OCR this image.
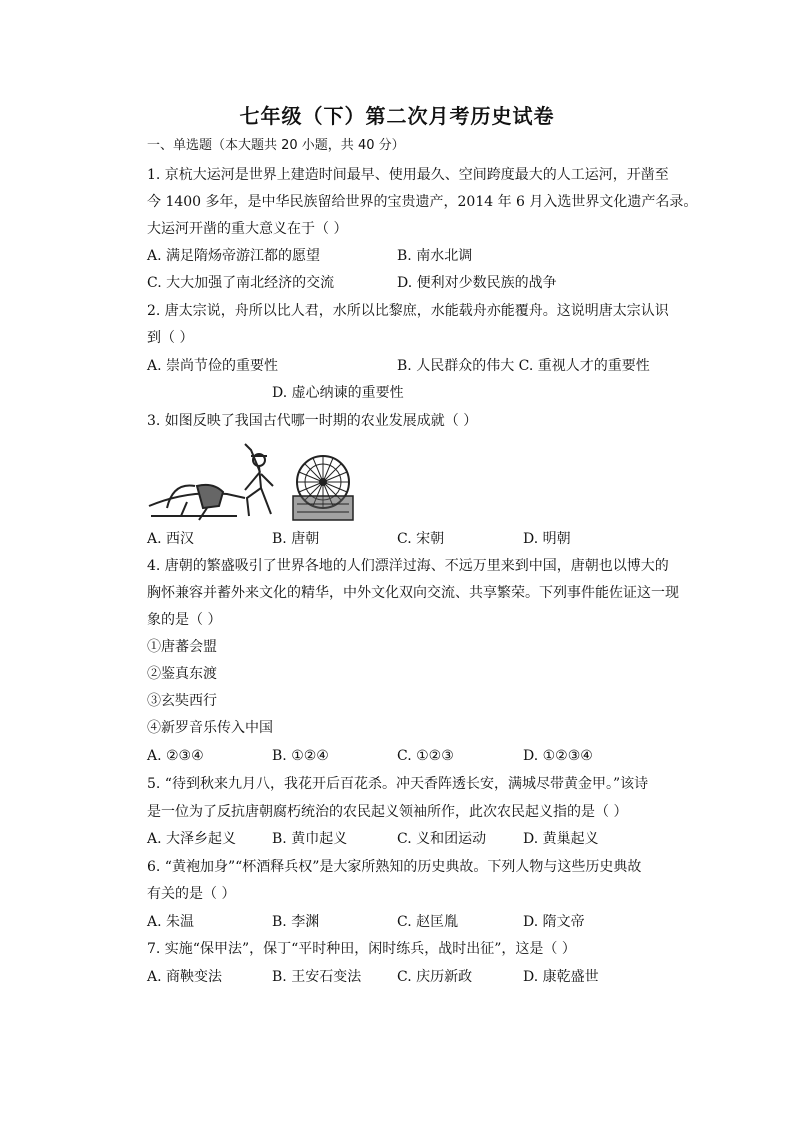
七年级（下）第二次月考历史试卷
一、单选题（本大题共 20 小题，共 40 分）
1. 京杭大运河是世界上建造时间最早、使用最久、空间跨度最大的人工运河，开凿至
今 1400 多年，是中华民族留给世界的宝贵遗产，2014 年 6 月入选世界文化遗产名录。
大运河开凿的重大意义在于（ ）
A. 满足隋炀帝游江都的愿望	B. 南水北调
C. 大大加强了南北经济的交流	D. 便利对少数民族的战争
2. 唐太宗说，舟所以比人君，水所以比黎庶，水能载舟亦能覆舟。这说明唐太宗认识
到（ ）
A. 崇尚节俭的重要性	B. 人民群众的伟大 C. 重视人才的重要性
D. 虚心纳谏的重要性
3. 如图反映了我国古代哪一时期的农业发展成就（ ）
A. 西汉	B. 唐朝	C. 宋朝	D. 明朝
4. 唐朝的繁盛吸引了世界各地的人们漂洋过海、不远万里来到中国，唐朝也以博大的
胸怀兼容并蓄外来文化的精华，中外文化双向交流、共享繁荣。下列事件能佐证这一现
象的是（ ）
①唐蕃会盟
②鉴真东渡
③玄奘西行
④新罗音乐传入中国
A. ②③④	B. ①②④	C. ①②③	D. ①②③④
5. “待到秋来九月八，我花开后百花杀。冲天香阵透长安，满城尽带黄金甲。”该诗
是一位为了反抗唐朝腐朽统治的农民起义领袖所作，此次农民起义指的是（ ）
A. 大泽乡起义	B. 黄巾起义	C. 义和团运动	D. 黄巢起义
6. “黄袍加身”“杯酒释兵权”是大家所熟知的历史典故。下列人物与这些历史典故
有关的是（ ）
A. 朱温	B. 李渊	C. 赵匡胤	D. 隋文帝
7. 实施“保甲法”，保丁“平时种田，闲时练兵，战时出征”，这是（ ）
A. 商鞅变法	B. 王安石变法	C. 庆历新政	D. 康乾盛世
